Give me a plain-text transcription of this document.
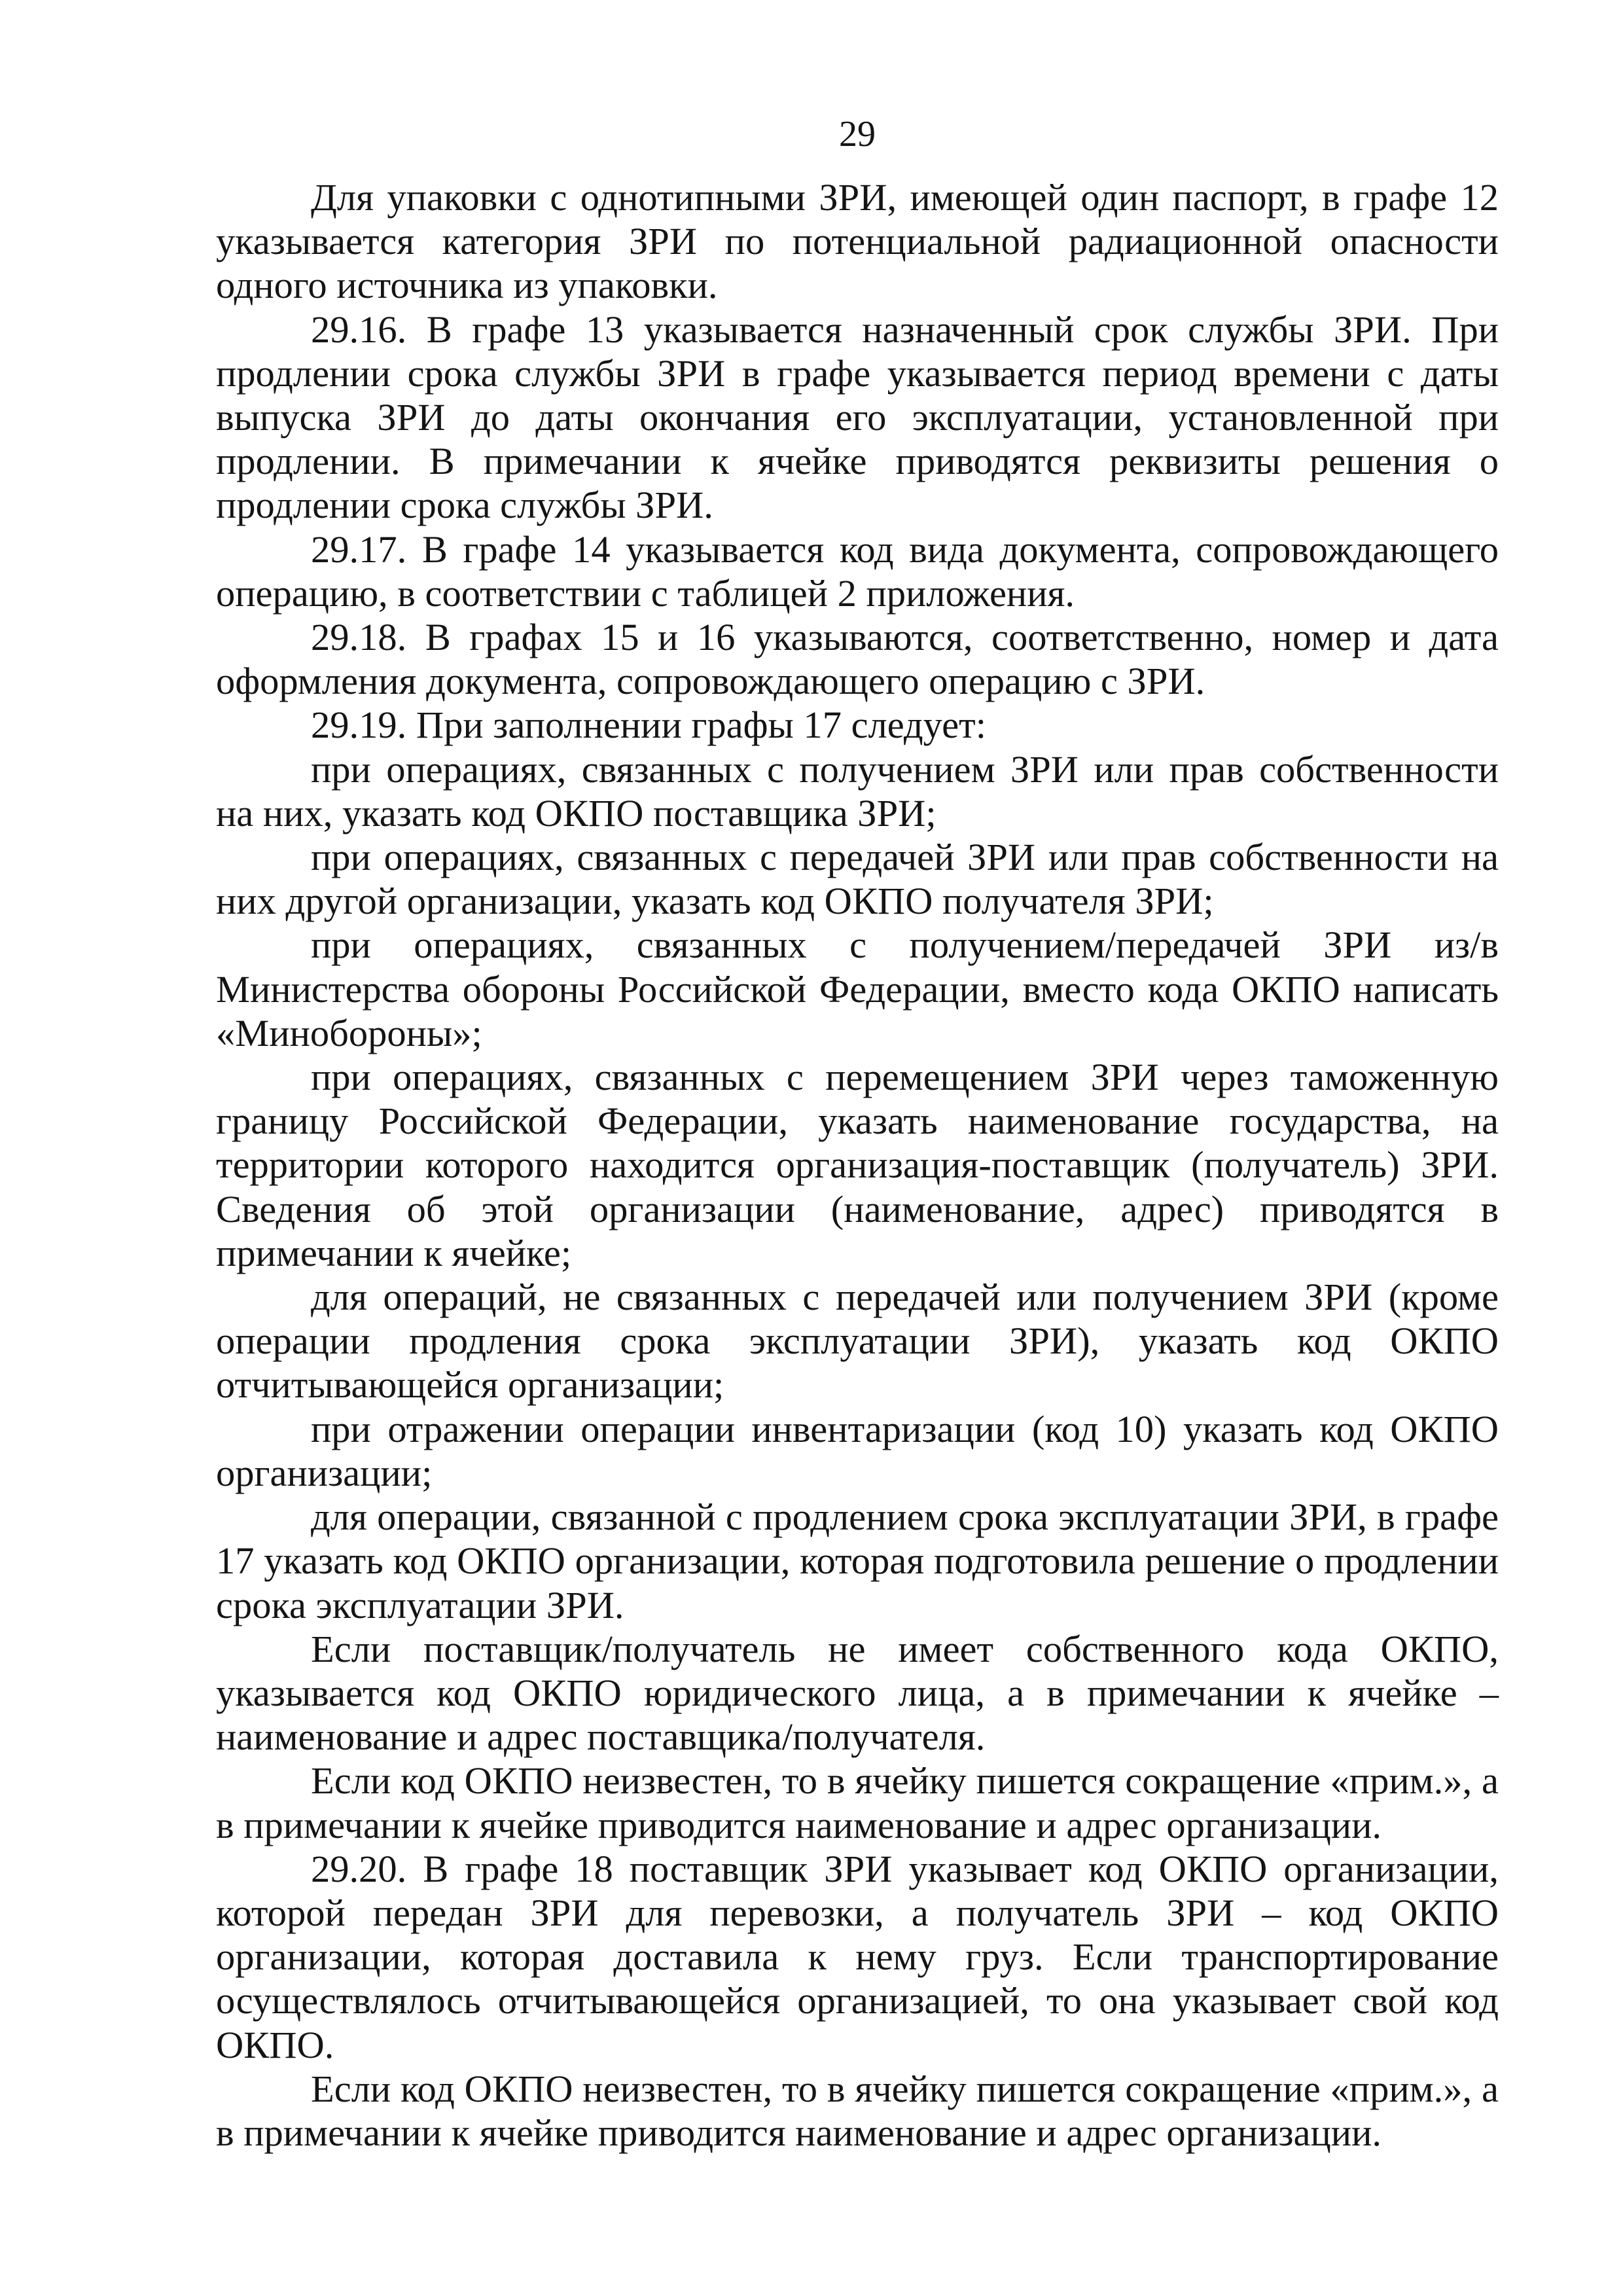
29

Для упаковки с однотипными ЗРИ, имеющей один паспорт, в графе 12 указывается категория ЗРИ по потенциальной радиационной опасности одного источника из упаковки.

29.16. В графе 13 указывается назначенный срок службы ЗРИ. При продлении срока службы ЗРИ в графе указывается период времени с даты выпуска ЗРИ до даты окончания его эксплуатации, установленной при продлении. В примечании к ячейке приводятся реквизиты решения о продлении срока службы ЗРИ.

29.17. В графе 14 указывается код вида документа, сопровождающего операцию, в соответствии с таблицей 2 приложения.

29.18. В графах 15 и 16 указываются, соответственно, номер и дата оформления документа, сопровождающего операцию с ЗРИ.

29.19. При заполнении графы 17 следует:

при операциях, связанных с получением ЗРИ или прав собственности на них, указать код ОКПО поставщика ЗРИ;

при операциях, связанных с передачей ЗРИ или прав собственности на них другой организации, указать код ОКПО получателя ЗРИ;

при операциях, связанных с получением/передачей ЗРИ из/в Министерства обороны Российской Федерации, вместо кода ОКПО написать «Минобороны»;

при операциях, связанных с перемещением ЗРИ через таможенную границу Российской Федерации, указать наименование государства, на территории которого находится организация-поставщик (получатель) ЗРИ. Сведения об этой организации (наименование, адрес) приводятся в примечании к ячейке;

для операций, не связанных с передачей или получением ЗРИ (кроме операции продления срока эксплуатации ЗРИ), указать код ОКПО отчитывающейся организации;

при отражении операции инвентаризации (код 10) указать код ОКПО организации;

для операции, связанной с продлением срока эксплуатации ЗРИ, в графе 17 указать код ОКПО организации, которая подготовила решение о продлении срока эксплуатации ЗРИ.

Если поставщик/получатель не имеет собственного кода ОКПО, указывается код ОКПО юридического лица, а в примечании к ячейке – наименование и адрес поставщика/получателя.

Если код ОКПО неизвестен, то в ячейку пишется сокращение «прим.», а в примечании к ячейке приводится наименование и адрес организации.

29.20. В графе 18 поставщик ЗРИ указывает код ОКПО организации, которой передан ЗРИ для перевозки, а получатель ЗРИ – код ОКПО организации, которая доставила к нему груз. Если транспортирование осуществлялось отчитывающейся организацией, то она указывает свой код ОКПО.

Если код ОКПО неизвестен, то в ячейку пишется сокращение «прим.», а в примечании к ячейке приводится наименование и адрес организации.
